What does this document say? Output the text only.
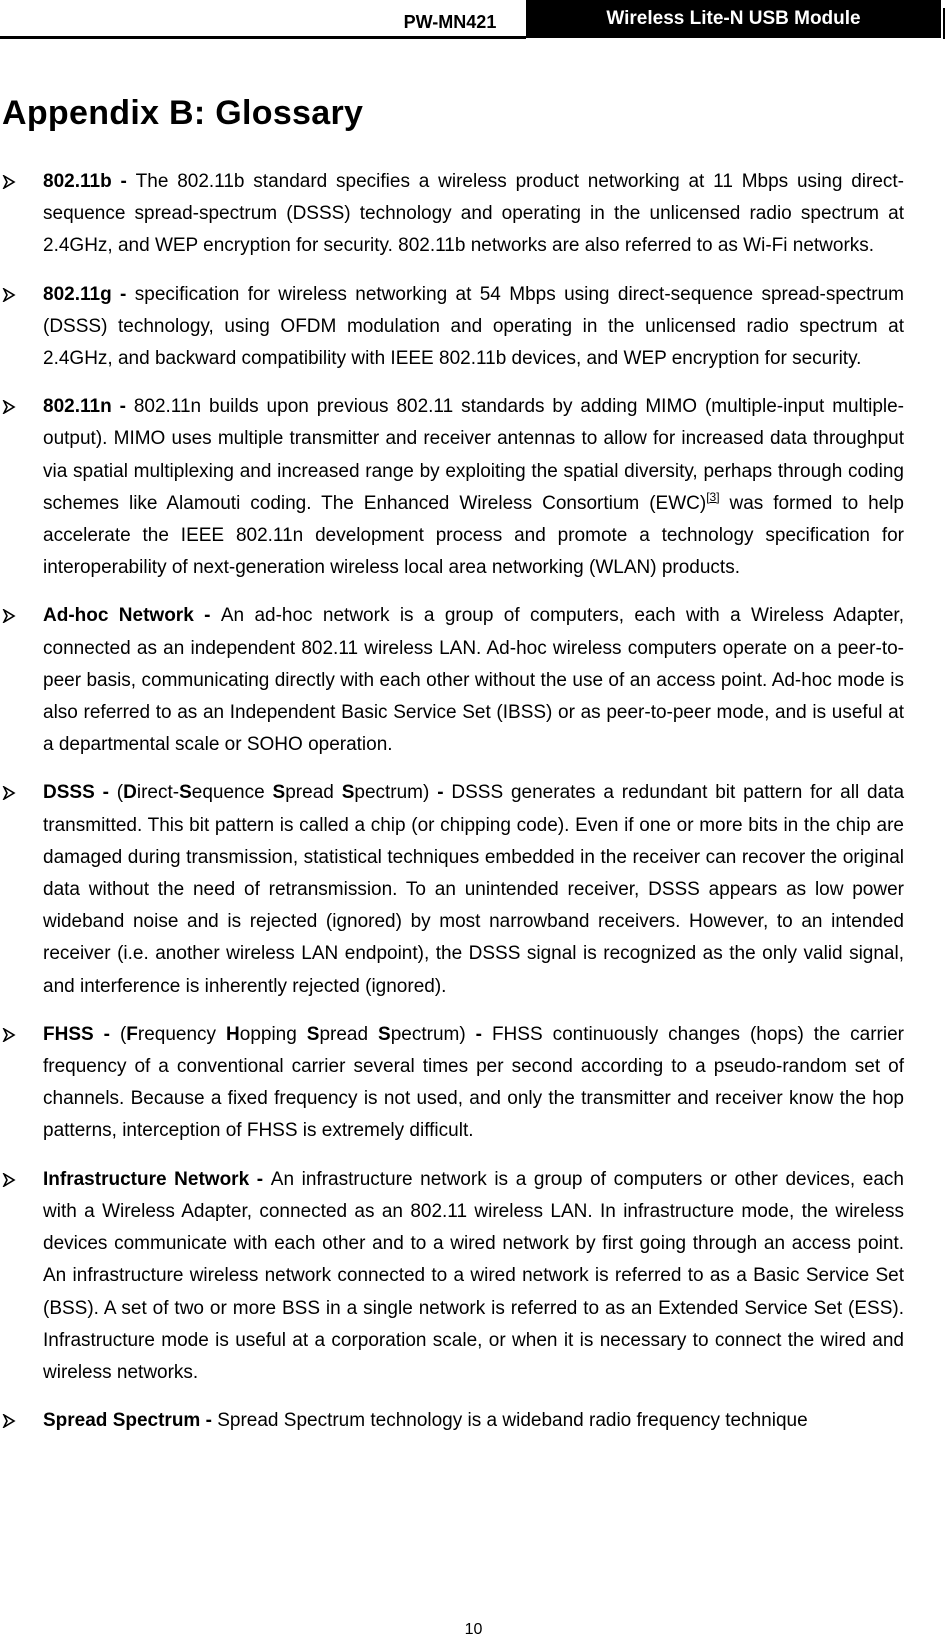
PW-MN421	Wireless Lite-N USB Module
Appendix B: Glossary
802.11b - The 802.11b standard specifies a wireless product networking at 11 Mbps using direct-sequence spread-spectrum (DSSS) technology and operating in the unlicensed radio spectrum at 2.4GHz, and WEP encryption for security. 802.11b networks are also referred to as Wi-Fi networks.
802.11g - specification for wireless networking at 54 Mbps using direct-sequence spread-spectrum (DSSS) technology, using OFDM modulation and operating in the unlicensed radio spectrum at 2.4GHz, and backward compatibility with IEEE 802.11b devices, and WEP encryption for security.
802.11n - 802.11n builds upon previous 802.11 standards by adding MIMO (multiple-input multiple-output). MIMO uses multiple transmitter and receiver antennas to allow for increased data throughput via spatial multiplexing and increased range by exploiting the spatial diversity, perhaps through coding schemes like Alamouti coding. The Enhanced Wireless Consortium (EWC)[3] was formed to help accelerate the IEEE 802.11n development process and promote a technology specification for interoperability of next-generation wireless local area networking (WLAN) products.
Ad-hoc Network - An ad-hoc network is a group of computers, each with a Wireless Adapter, connected as an independent 802.11 wireless LAN. Ad-hoc wireless computers operate on a peer-to-peer basis, communicating directly with each other without the use of an access point. Ad-hoc mode is also referred to as an Independent Basic Service Set (IBSS) or as peer-to-peer mode, and is useful at a departmental scale or SOHO operation.
DSSS - (Direct-Sequence Spread Spectrum) - DSSS generates a redundant bit pattern for all data transmitted. This bit pattern is called a chip (or chipping code). Even if one or more bits in the chip are damaged during transmission, statistical techniques embedded in the receiver can recover the original data without the need of retransmission. To an unintended receiver, DSSS appears as low power wideband noise and is rejected (ignored) by most narrowband receivers. However, to an intended receiver (i.e. another wireless LAN endpoint), the DSSS signal is recognized as the only valid signal, and interference is inherently rejected (ignored).
FHSS - (Frequency Hopping Spread Spectrum) - FHSS continuously changes (hops) the carrier frequency of a conventional carrier several times per second according to a pseudo-random set of channels. Because a fixed frequency is not used, and only the transmitter and receiver know the hop patterns, interception of FHSS is extremely difficult.
Infrastructure Network - An infrastructure network is a group of computers or other devices, each with a Wireless Adapter, connected as an 802.11 wireless LAN. In infrastructure mode, the wireless devices communicate with each other and to a wired network by first going through an access point. An infrastructure wireless network connected to a wired network is referred to as a Basic Service Set (BSS). A set of two or more BSS in a single network is referred to as an Extended Service Set (ESS). Infrastructure mode is useful at a corporation scale, or when it is necessary to connect the wired and wireless networks.
Spread Spectrum - Spread Spectrum technology is a wideband radio frequency technique
10
